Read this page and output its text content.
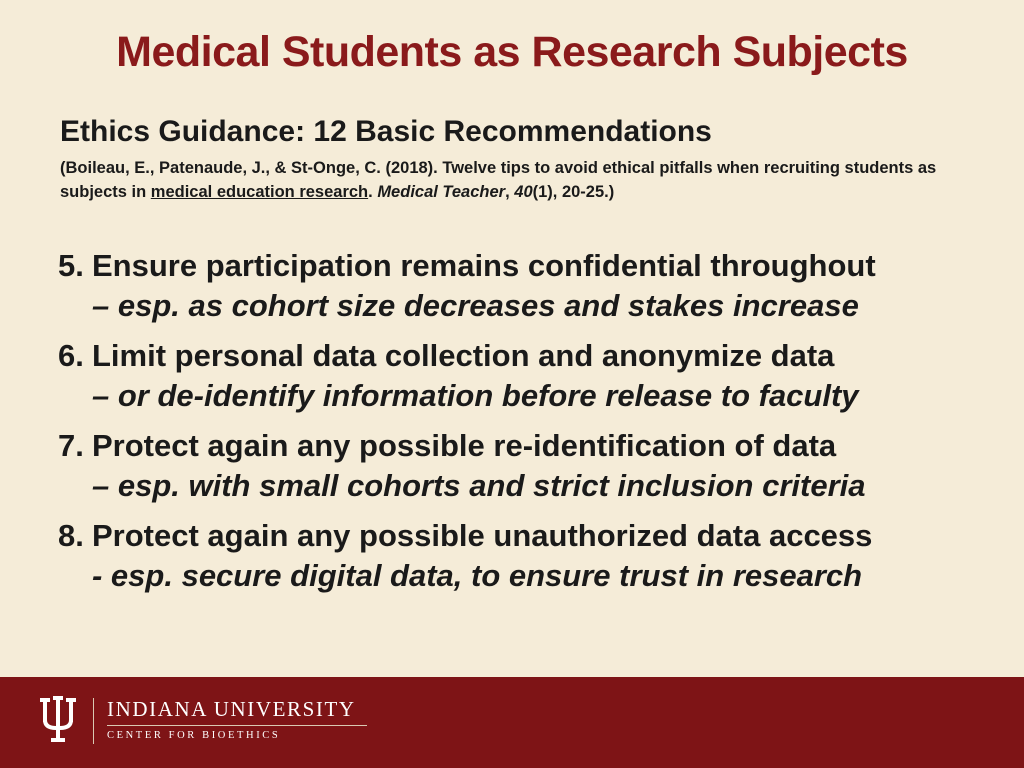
Medical Students as Research Subjects
Ethics Guidance: 12 Basic Recommendations
(Boileau, E., Patenaude, J., & St-Onge, C. (2018). Twelve tips to avoid ethical pitfalls when recruiting students as subjects in medical education research. Medical Teacher, 40(1), 20-25.)
5. Ensure participation remains confidential throughout
– esp. as cohort size decreases and stakes increase
6. Limit personal data collection and anonymize data
– or de-identify information before release to faculty
7. Protect again any possible re-identification of data
– esp. with small cohorts and strict inclusion criteria
8. Protect again any possible unauthorized data access
- esp. secure digital data, to ensure trust in research
INDIANA UNIVERSITY
CENTER FOR BIOETHICS
